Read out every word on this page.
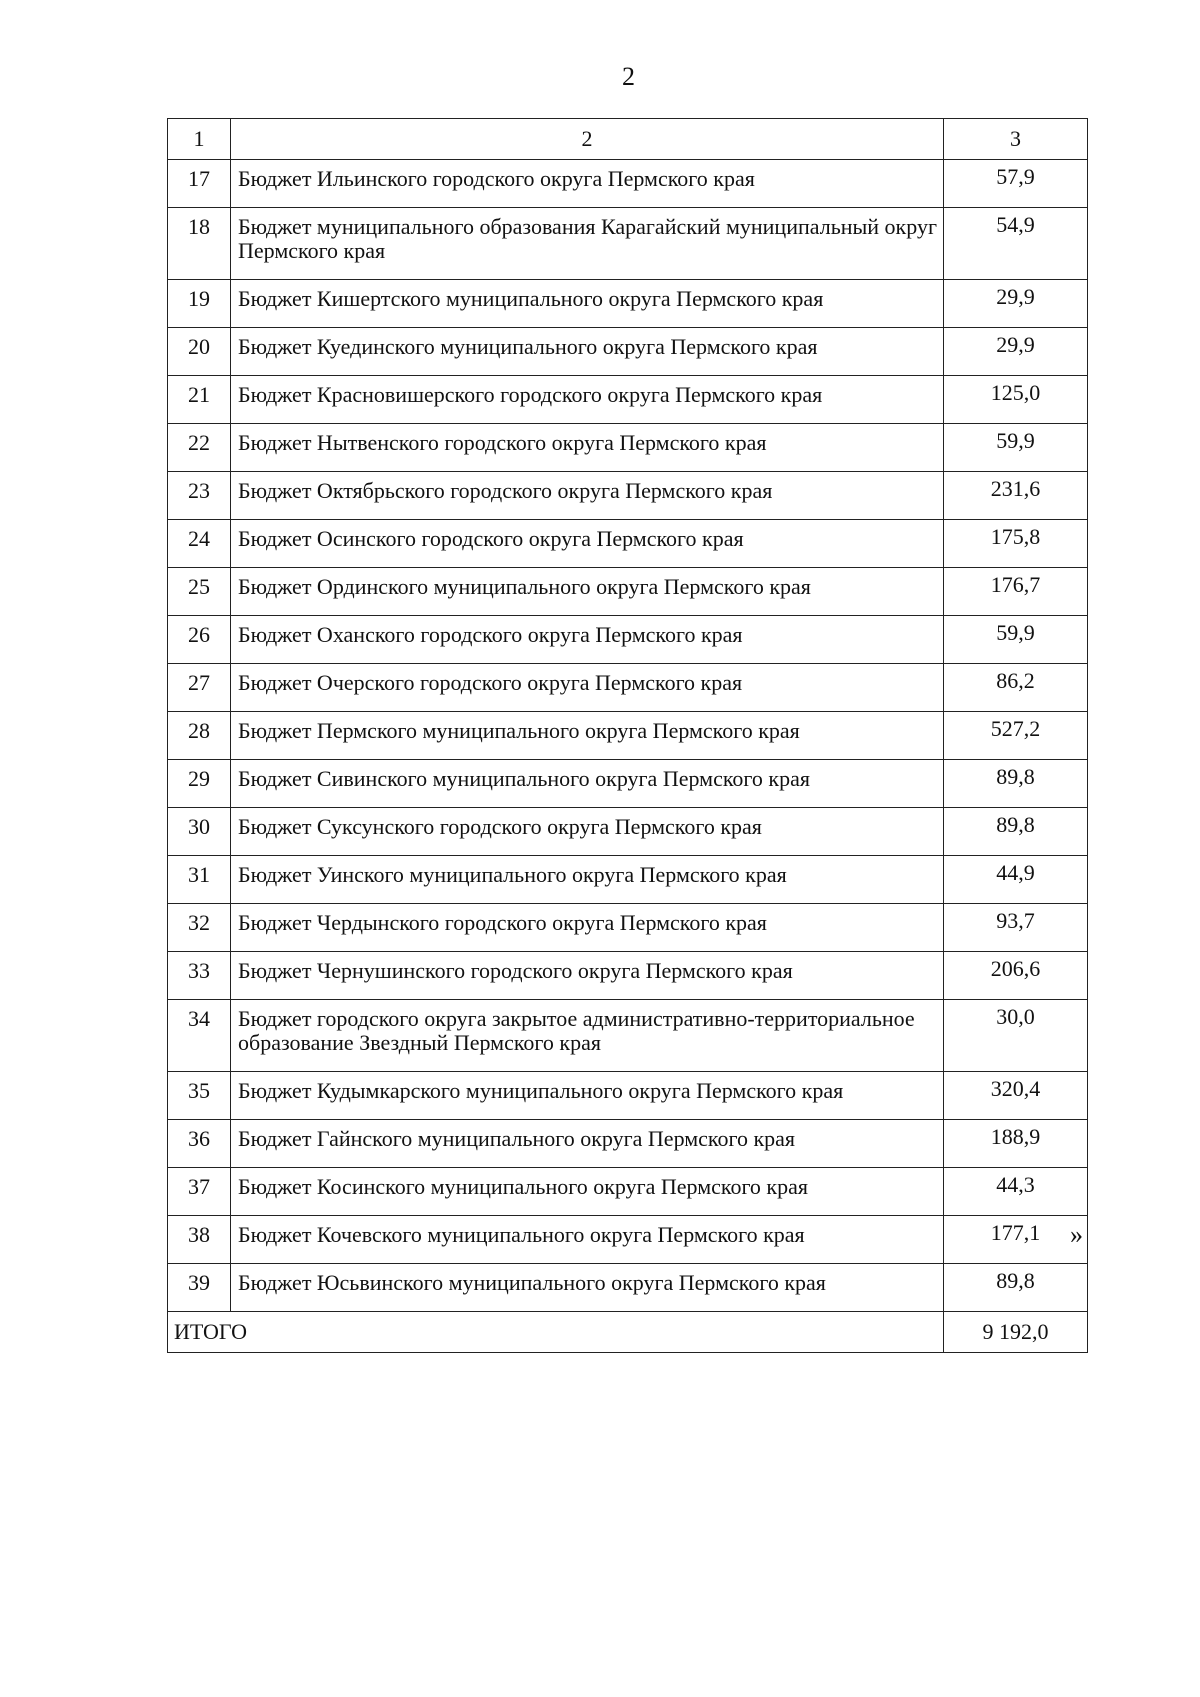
2
1	2	3
17	Бюджет Ильинского городского округа Пермского края	57,9
18	Бюджет муниципального образования Карагайский муниципальный округ Пермского края	54,9
19	Бюджет Кишертского муниципального округа Пермского края	29,9
20	Бюджет Куединского муниципального округа Пермского края	29,9
21	Бюджет Красновишерского городского округа Пермского края	125,0
22	Бюджет Нытвенского городского округа Пермского края	59,9
23	Бюджет Октябрьского городского округа Пермского края	231,6
24	Бюджет Осинского городского округа Пермского края	175,8
25	Бюджет Ординского муниципального округа Пермского края	176,7
26	Бюджет Оханского городского округа Пермского края	59,9
27	Бюджет Очерского городского округа Пермского края	86,2
28	Бюджет Пермского муниципального округа Пермского края	527,2
29	Бюджет Сивинского муниципального округа Пермского края	89,8
30	Бюджет Суксунского городского округа Пермского края	89,8
31	Бюджет Уинского муниципального округа Пермского края	44,9
32	Бюджет Чердынского городского округа Пермского края	93,7
33	Бюджет Чернушинского городского округа Пермского края	206,6
34	Бюджет городского округа закрытое административно-территориальное образование Звездный Пермского края	30,0
35	Бюджет Кудымкарского муниципального округа Пермского края	320,4
36	Бюджет Гайнского муниципального округа Пермского края	188,9
37	Бюджет Косинского муниципального округа Пермского края	44,3
38	Бюджет Кочевского муниципального округа Пермского края	177,1
39	Бюджет Юсьвинского муниципального округа Пермского края	89,8
ИТОГО		9 192,0
»
